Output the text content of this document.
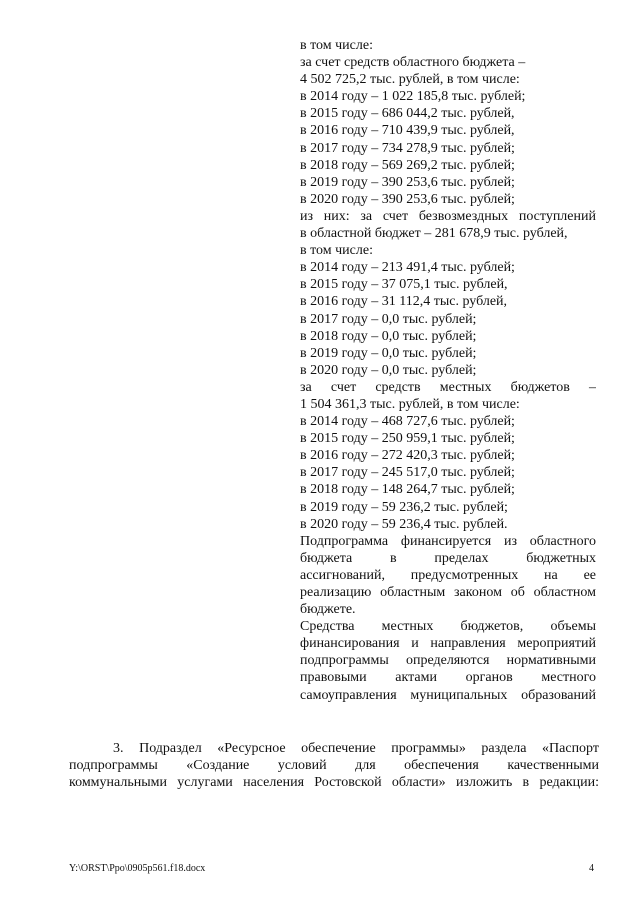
в том числе:
за счет средств областного бюджета –
4 502 725,2 тыс. рублей, в том числе:
в 2014 году – 1 022 185,8 тыс. рублей;
в 2015 году – 686 044,2 тыс. рублей,
в 2016 году – 710 439,9 тыс. рублей,
в 2017 году – 734 278,9 тыс. рублей;
в 2018 году – 569 269,2 тыс. рублей;
в 2019 году – 390 253,6 тыс. рублей;
в 2020 году – 390 253,6 тыс. рублей;
из них: за счет безвозмездных поступлений
в областной бюджет – 281 678,9 тыс. рублей,
в том числе:
в 2014 году – 213 491,4 тыс. рублей;
в 2015 году – 37 075,1 тыс. рублей,
в 2016 году – 31 112,4 тыс. рублей,
в 2017 году – 0,0 тыс. рублей;
в 2018 году – 0,0 тыс. рублей;
в 2019 году – 0,0 тыс. рублей;
в 2020 году – 0,0 тыс. рублей;
за счет средств местных бюджетов –
1 504 361,3 тыс. рублей, в том числе:
в 2014 году – 468 727,6 тыс. рублей;
в 2015 году – 250 959,1 тыс. рублей;
в 2016 году – 272 420,3 тыс. рублей;
в 2017 году – 245 517,0 тыс. рублей;
в 2018 году – 148 264,7 тыс. рублей;
в 2019 году – 59 236,2 тыс. рублей;
в 2020 году – 59 236,4 тыс. рублей.
Подпрограмма финансируется из областного
бюджета в пределах бюджетных
ассигнований, предусмотренных на ее
реализацию областным законом об областном
бюджете.
Средства местных бюджетов, объемы
финансирования и направления мероприятий
подпрограммы определяются нормативными
правовыми актами органов местного
самоуправления муниципальных образований
3. Подраздел «Ресурсное обеспечение программы» раздела «Паспорт
подпрограммы «Создание условий для обеспечения качественными
коммунальными услугами населения Ростовской области» изложить в редакции:
Y:\ORST\Ppo\0905p561.f18.docx	4
